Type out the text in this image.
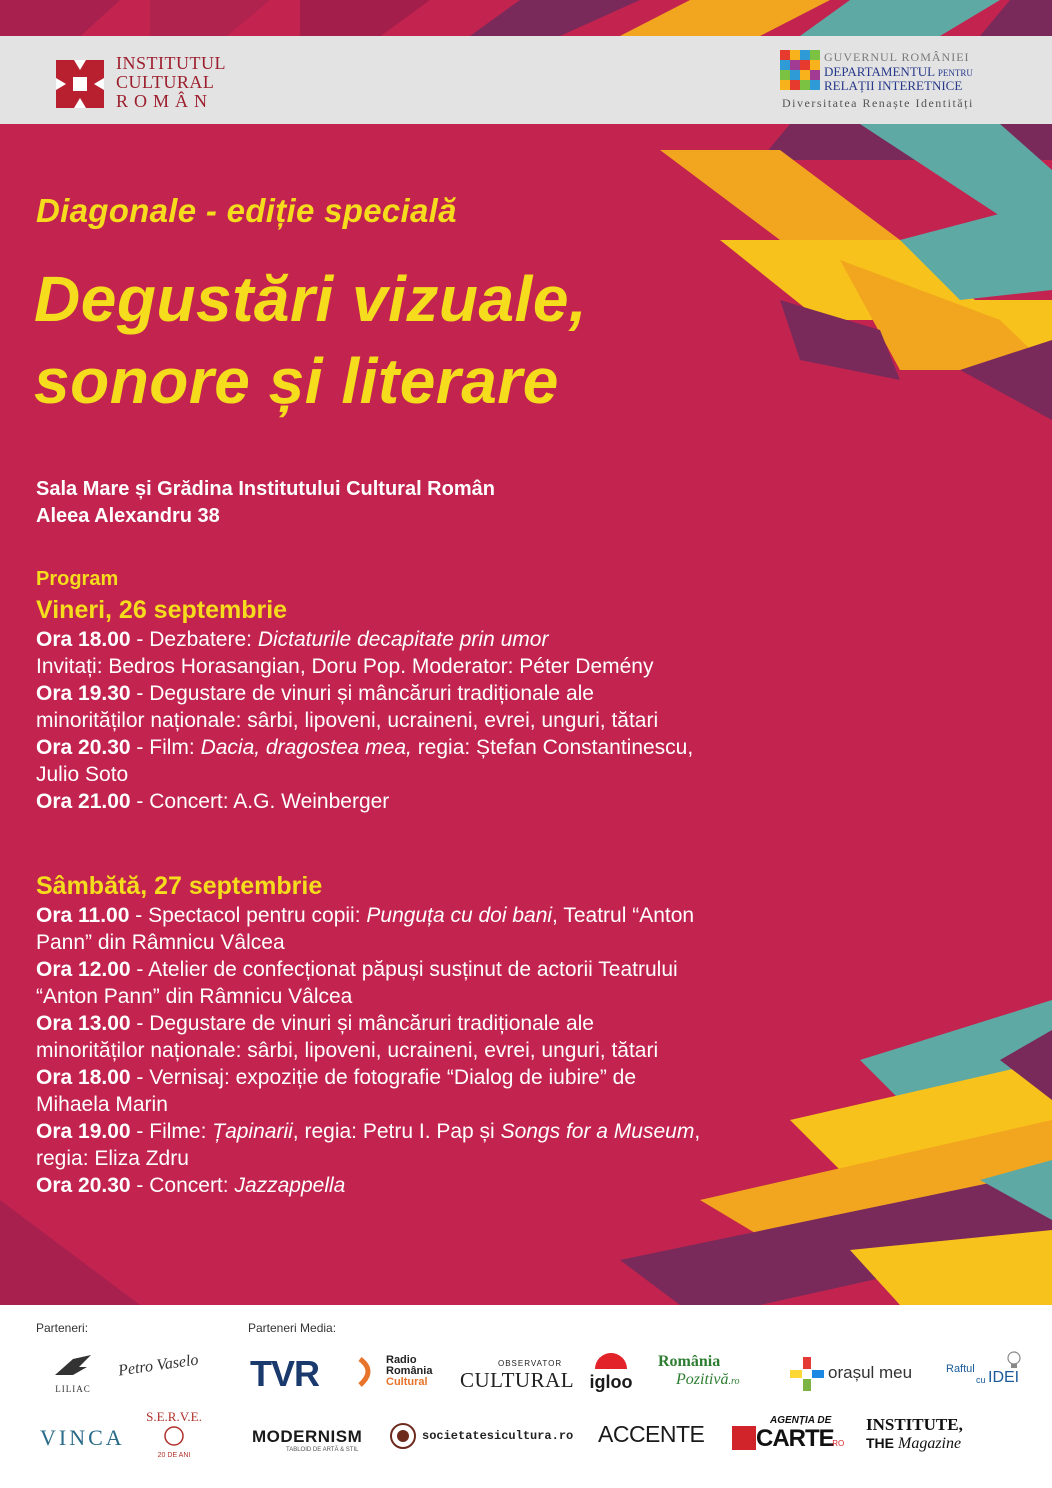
INSTITUTUL
CULTURAL
ROMÂN
GUVERNUL ROMÂNIEI
DEPARTAMENTUL PENTRU
RELAȚII INTERETNICE
Diversitatea Renaște Identități
Diagonale - ediție specială
Degustări vizuale,
sonore și literare
Sala Mare și Grădina Institutului Cultural Român
Aleea Alexandru 38
Program
Vineri, 26 septembrie
Ora 18.00 - Dezbatere: Dictaturile decapitate prin umor
Invitați: Bedros Horasangian, Doru Pop. Moderator: Péter Demény
Ora 19.30 - Degustare de vinuri și mâncăruri tradiționale ale
minorităților naționale: sârbi, lipoveni, ucraineni, evrei, unguri, tătari
Ora 20.30 - Film: Dacia, dragostea mea, regia: Ștefan Constantinescu,
Julio Soto
Ora 21.00 - Concert: A.G. Weinberger
Sâmbătă, 27 septembrie
Ora 11.00 - Spectacol pentru copii: Punguța cu doi bani, Teatrul “Anton
Pann” din Râmnicu Vâlcea
Ora 12.00 - Atelier de confecționat păpuși susținut de actorii Teatrului
“Anton Pann” din Râmnicu Vâlcea
Ora 13.00 - Degustare de vinuri și mâncăruri tradiționale ale
minorităților naționale: sârbi, lipoveni, ucraineni, evrei, unguri, tătari
Ora 18.00 - Vernisaj: expoziție de fotografie “Dialog de iubire” de
Mihaela Marin
Ora 19.00 - Filme: Țapinarii, regia: Petru I. Pap și Songs for a Museum,
regia: Eliza Zdru
Ora 20.30 - Concert: Jazzappella
Parteneri:	Parteneri Media:
LILIAC
Petro Vaselo
VINCA
S.E.R.V.E.
20 DE ANI
TVR	Radio
România
Cultural
OBSERVATOR
CULTURAL igloo
România
Pozitivă.ro	orașul meu	Raftul
cu IDEI
MODERNISM
TABLOID DE ARTĂ & STIL
societatesicultura.ro ACCENTE
AGENȚIA DE
CARTE
.RO
INSTITUTE,
THE Magazine
